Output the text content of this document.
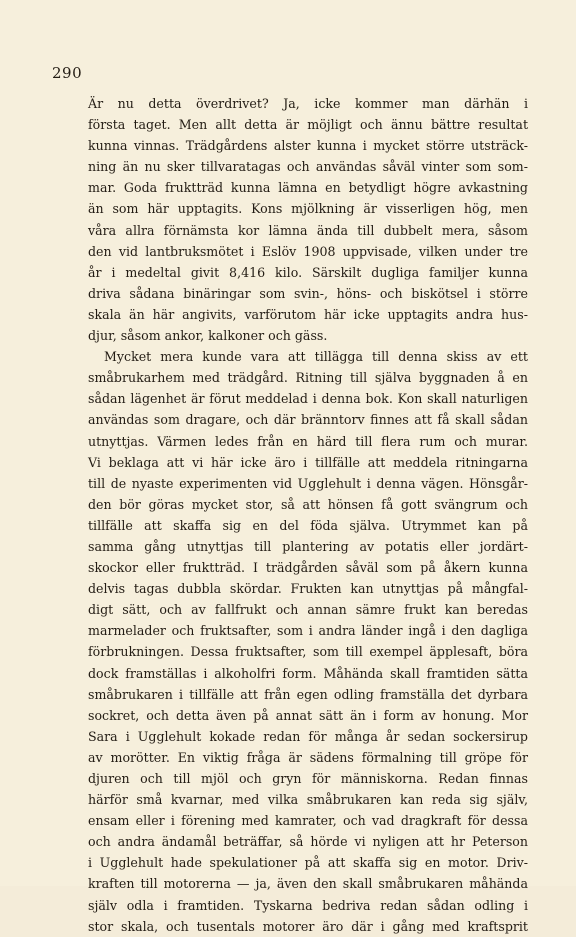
290
Är nu detta överdrivet? Ja, icke kommer man därhän i
första taget. Men allt detta är möjligt och ännu bättre resultat
kunna vinnas. Trädgårdens alster kunna i mycket större utsträck-
ning än nu sker tillvaratagas och användas såväl vinter som som-
mar. Goda fruktträd kunna lämna en betydligt högre avkastning
än som här upptagits. Kons mjölkning är visserligen hög, men
våra allra förnämsta kor lämna ända till dubbelt mera, såsom
den vid lantbruksmötet i Eslöv 1908 uppvisade, vilken under tre
år i medeltal givit 8,416 kilo. Särskilt dugliga familjer kunna
driva sådana binäringar som svin-, höns- och biskötsel i större
skala än här angivits, varförutom här icke upptagits andra hus-
djur, såsom ankor, kalkoner och gäss.
Mycket mera kunde vara att tillägga till denna skiss av ett
småbrukarhem med trädgård. Ritning till själva byggnaden å en
sådan lägenhet är förut meddelad i denna bok. Kon skall naturligen
användas som dragare, och där bränntorv finnes att få skall sådan
utnyttjas. Värmen ledes från en härd till flera rum och murar.
Vi beklaga att vi här icke äro i tillfälle att meddela ritningarna
till de nyaste experimenten vid Ugglehult i denna vägen. Hönsgår-
den bör göras mycket stor, så att hönsen få gott svängrum och
tillfälle att skaffa sig en del föda själva. Utrymmet kan på
samma gång utnyttjas till plantering av potatis eller jordärt-
skockor eller fruktträd. I trädgården såväl som på åkern kunna
delvis tagas dubbla skördar. Frukten kan utnyttjas på mångfal-
digt sätt, och av fallfrukt och annan sämre frukt kan beredas
marmelader och fruktsafter, som i andra länder ingå i den dagliga
förbrukningen. Dessa fruktsafter, som till exempel äpplesaft, böra
dock framställas i alkoholfri form. Måhända skall framtiden sätta
småbrukaren i tillfälle att från egen odling framställa det dyrbara
sockret, och detta även på annat sätt än i form av honung. Mor
Sara i Ugglehult kokade redan för många år sedan sockersirup
av morötter. En viktig fråga är sädens förmalning till gröpe för
djuren och till mjöl och gryn för människorna. Redan finnas
härför små kvarnar, med vilka småbrukaren kan reda sig själv,
ensam eller i förening med kamrater, och vad dragkraft för dessa
och andra ändamål beträffar, så hörde vi nyligen att hr Peterson
i Ugglehult hade spekulationer på att skaffa sig en motor. Driv-
kraften till motorerna — ja, även den skall småbrukaren måhända
själv odla i framtiden. Tyskarna bedriva redan sådan odling i
stor skala, och tusentals motorer äro där i gång med kraftsprit
